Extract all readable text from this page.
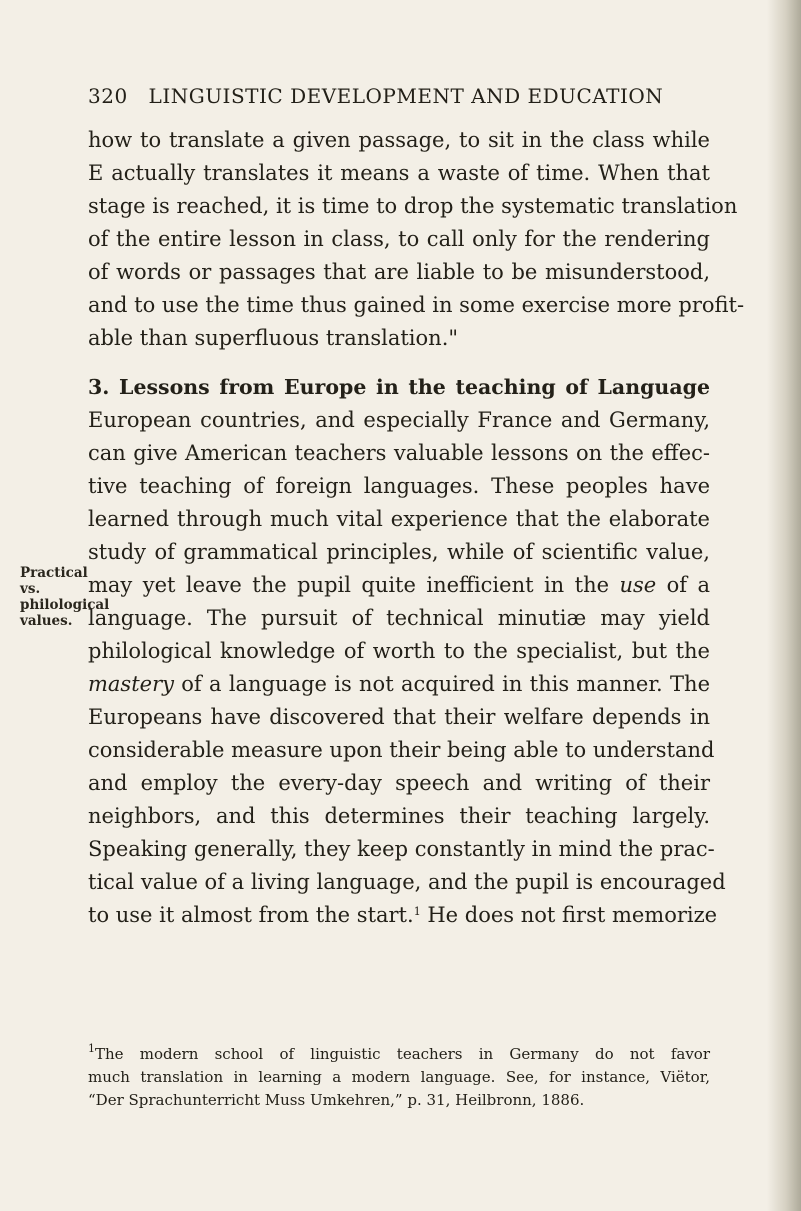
320 LINGUISTIC DEVELOPMENT AND EDUCATION
Practical vs. philological values.
how to translate a given passage, to sit in the class while
E actually translates it means a waste of time. When that
stage is reached, it is time to drop the systematic translation
of the entire lesson in class, to call only for the rendering
of words or passages that are liable to be misunderstood,
and to use the time thus gained in some exercise more profit-
able than superfluous translation."
3. Lessons from Europe in the teaching of Language
European countries, and especially France and Germany,
can give American teachers valuable lessons on the effec-
tive teaching of foreign languages. These peoples have
learned through much vital experience that the elaborate
study of grammatical principles, while of scientific value,
may yet leave the pupil quite inefficient in the use of a
language. The pursuit of technical minutiæ may yield
philological knowledge of worth to the specialist, but the
mastery of a language is not acquired in this manner. The
Europeans have discovered that their welfare depends in
considerable measure upon their being able to understand
and employ the every-day speech and writing of their
neighbors, and this determines their teaching largely.
Speaking generally, they keep constantly in mind the prac-
tical value of a living language, and the pupil is encouraged
to use it almost from the start.$^1$ He does not first memorize
$^1$The modern school of linguistic teachers in Germany do not favor
much translation in learning a modern language. See, for instance, Viëtor,
“Der Sprachunterricht Muss Umkehren,” p. 31, Heilbronn, 1886.
